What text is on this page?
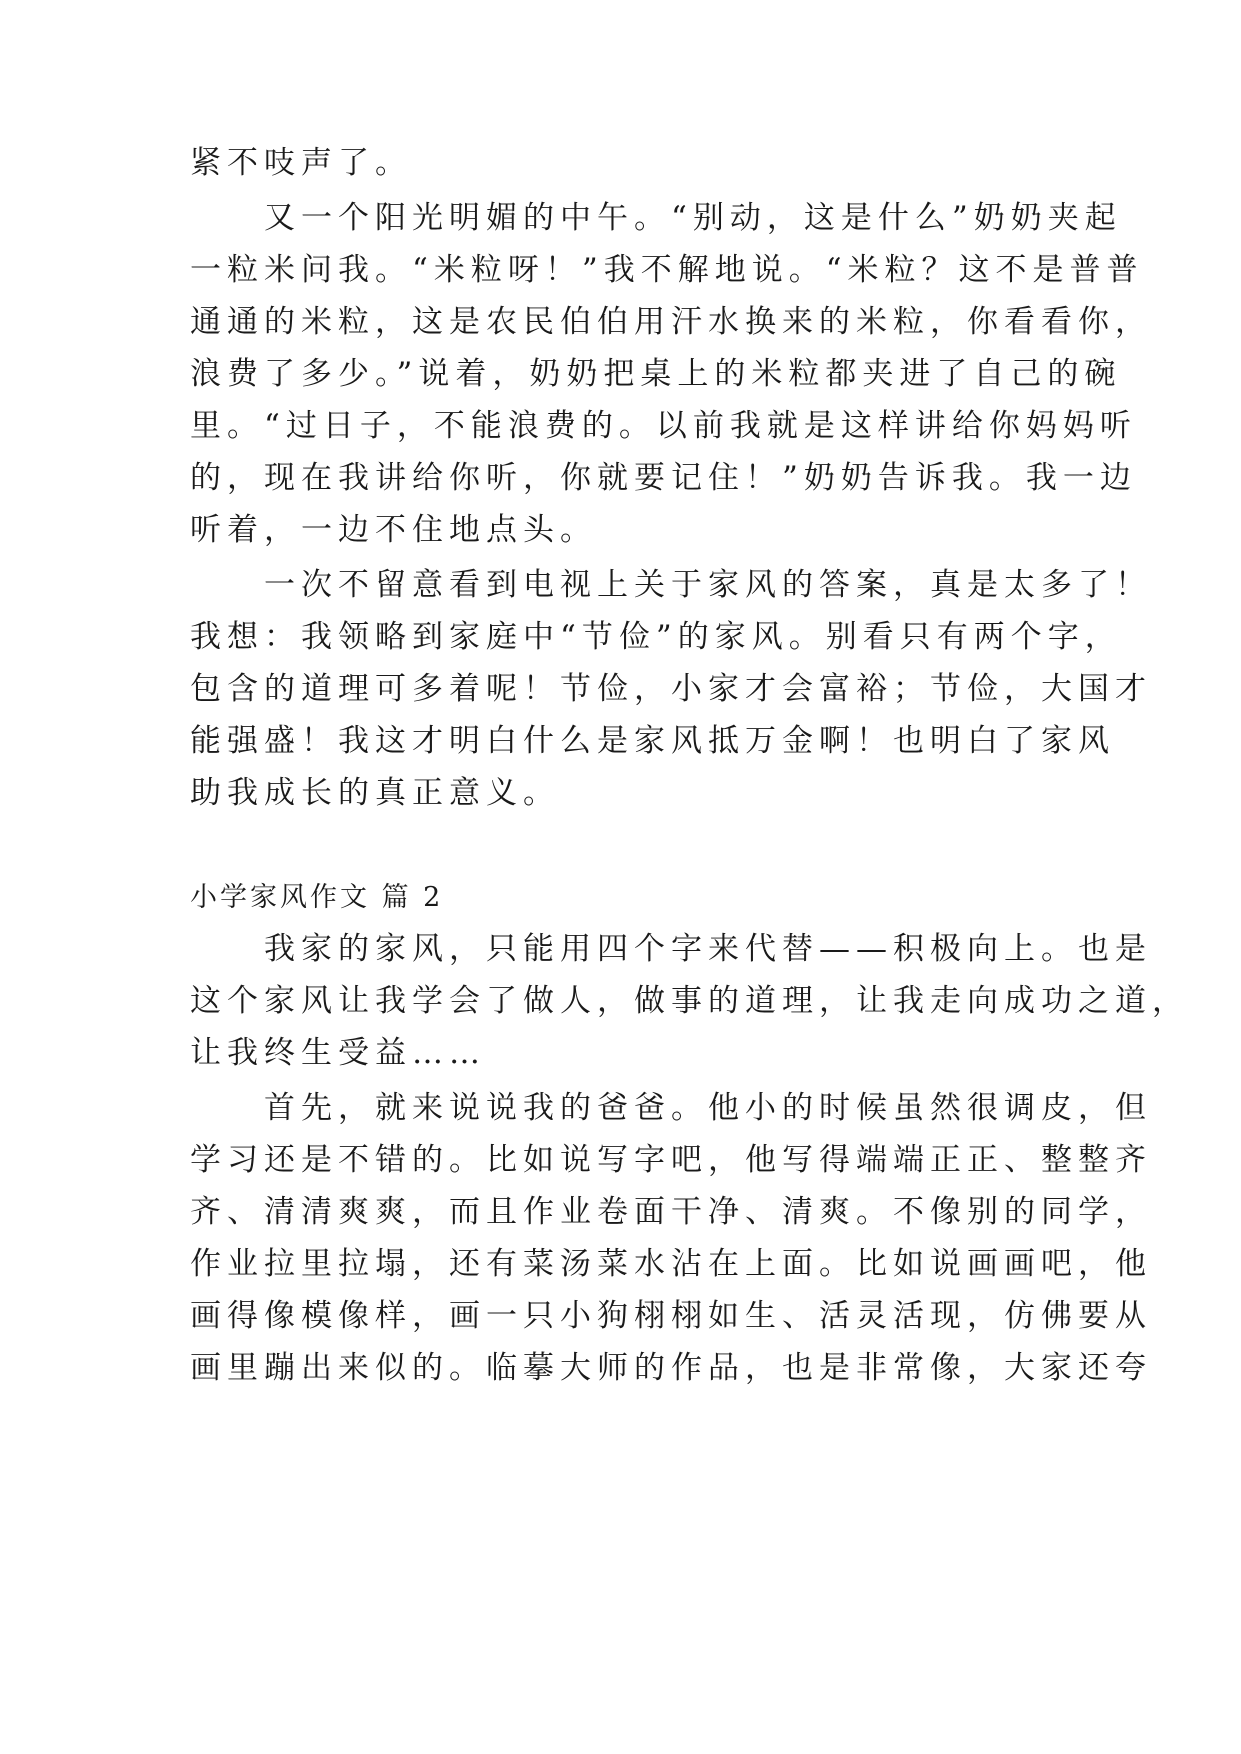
紧不吱声了。
　　又一个阳光明媚的中午。“别动，这是什么”奶奶夹起
一粒米问我。“米粒呀！”我不解地说。“米粒？这不是普普
通通的米粒，这是农民伯伯用汗水换来的米粒，你看看你，
浪费了多少。”说着，奶奶把桌上的米粒都夹进了自己的碗
里。“过日子，不能浪费的。以前我就是这样讲给你妈妈听
的，现在我讲给你听，你就要记住！”奶奶告诉我。我一边
听着，一边不住地点头。
　　一次不留意看到电视上关于家风的答案，真是太多了！
我想：我领略到家庭中“节俭”的家风。别看只有两个字，
包含的道理可多着呢！节俭，小家才会富裕；节俭，大国才
能强盛！我这才明白什么是家风抵万金啊！也明白了家风
助我成长的真正意义。
小学家风作文 篇 2
　　我家的家风，只能用四个字来代替——积极向上。也是
这个家风让我学会了做人，做事的道理，让我走向成功之道，
让我终生受益……
　　首先，就来说说我的爸爸。他小的时候虽然很调皮，但
学习还是不错的。比如说写字吧，他写得端端正正、整整齐
齐、清清爽爽，而且作业卷面干净、清爽。不像别的同学，
作业拉里拉塌，还有菜汤菜水沾在上面。比如说画画吧，他
画得像模像样，画一只小狗栩栩如生、活灵活现，仿佛要从
画里蹦出来似的。临摹大师的作品，也是非常像，大家还夸
